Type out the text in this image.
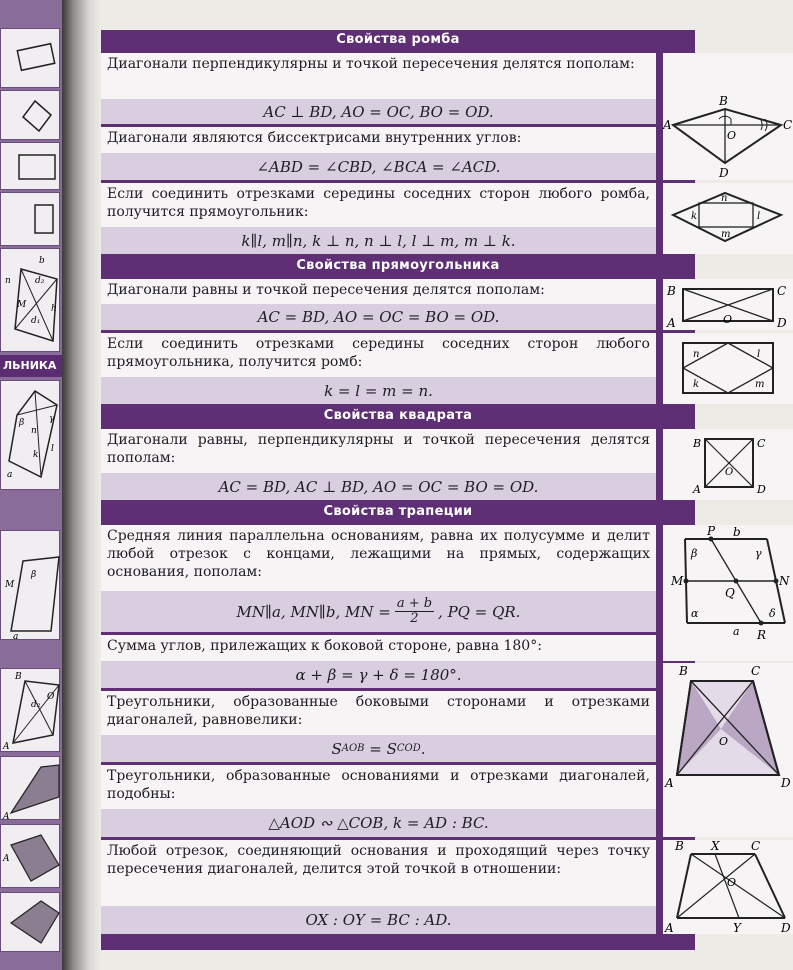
b
d₂
n
M
d₁
h
ЛЬНИКА
a
β
n
γ
k
l
a
M
β
B
d₂
O
A
A
A
Свойства ромба
Диагонали перпендикулярны и точкой пересечения делятся пополам:
AC ⊥ BD, AO = OC, BO = OD.
Диагонали являются биссектрисами внутренних углов:
∠ABD = ∠CBD, ∠BCA = ∠ACD.
Если соединить отрезками середины соседних сторон любого ромба, получится прямоугольник:
k∥l, m∥n, k ⊥ n, n ⊥ l, l ⊥ m, m ⊥ k.
B
A	C
D
O
n
k	l
m
Свойства прямоугольника
Диагонали равны и точкой пересечения делятся пополам:
AC = BD, AO = OC = BO = OD.
Если соединить отрезками середины соседних сторон любого прямоугольника, получится ромб:
k = l = m = n.
B	C
A	D
O
n	l
k	m
Свойства квадрата
Диагонали равны, перпендикулярны и точкой пересечения делятся пополам:
AC = BD, AC ⊥ BD, AO = OC = BO = OD.
B	C
A	D
O
Свойства трапеции
Средняя линия параллельна основаниям, равна их полусумме и делит любой отрезок с концами, лежащими на прямых, содержащих основания, пополам:
MN∥a, MN∥b, MN = $\frac{a + b}{2}$ , PQ = QR.
Сумма углов, прилежащих к боковой стороне, равна 180°:
α + β = γ + δ = 180°.
Треугольники, образованные боковыми сторонами и отрезками диагоналей, равновелики:
S AOB = S COD .
Треугольники, образованные основаниями и отрезками диагоналей, подобны:
△AOD ∾ △COB, k = AD : BC.
Любой отрезок, соединяющий основания и проходящий через точку пересечения диагоналей, делится этой точкой в отношении:
OX : OY = BC : AD.
P b
M	N
Q
R
a
α
β	γ
δ
B	C
A	D
O
B X	C
O
A	Y	D
